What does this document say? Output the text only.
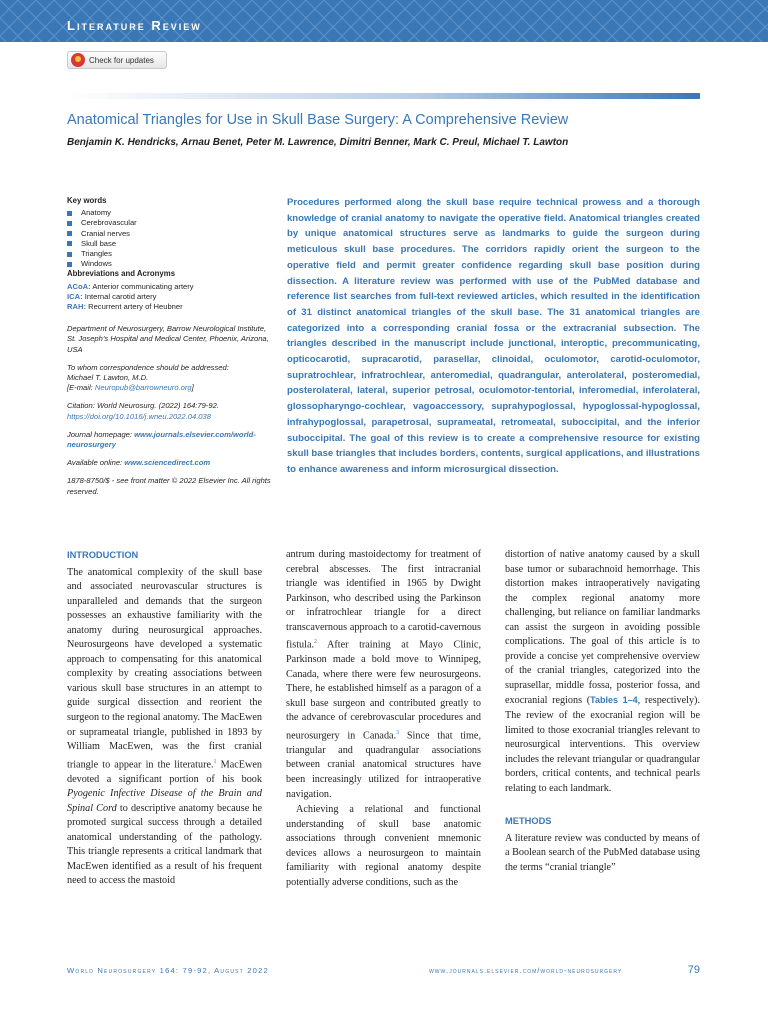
Literature Review
Check for updates
Anatomical Triangles for Use in Skull Base Surgery: A Comprehensive Review
Benjamin K. Hendricks, Arnau Benet, Peter M. Lawrence, Dimitri Benner, Mark C. Preul, Michael T. Lawton
Key words
Anatomy
Cerebrovascular
Cranial nerves
Skull base
Triangles
Windows
Abbreviations and Acronyms
ACoA: Anterior communicating artery
ICA: Internal carotid artery
RAH: Recurrent artery of Heubner

Department of Neurosurgery, Barrow Neurological Institute, St. Joseph’s Hospital and Medical Center, Phoenix, Arizona, USA

To whom correspondence should be addressed:

Michael T. Lawton, M.D.

[E-mail: Neuropub@barrowneuro.org]

Citation: World Neurosurg. (2022) 164:79-92.

https://doi.org/10.1016/j.wneu.2022.04.038

Journal homepage: www.journals.elsevier.com/world-neurosurgery

Available online: www.sciencedirect.com

1878-8750/$ - see front matter © 2022 Elsevier Inc. All rights reserved.

Procedures performed along the skull base require technical prowess and a thorough knowledge of cranial anatomy to navigate the operative field. Anatomical triangles created by unique anatomical structures serve as landmarks to guide the surgeon during meticulous skull base procedures. The corridors rapidly orient the surgeon to the operative field and permit greater confidence regarding skull base position during dissection. A literature review was performed with use of the PubMed database and reference list searches from full-text reviewed articles, which resulted in the identification of 31 distinct anatomical triangles of the skull base. The 31 anatomical triangles are categorized into a corresponding cranial fossa or the extracranial subsection. The triangles described in the manuscript include junctional, interoptic, precommunicating, opticocarotid, supracarotid, parasellar, clinoidal, oculomotor, carotid-oculomotor, supratrochlear, infratrochlear, anteromedial, quadrangular, anterolateral, posteromedial, posterolateral, lateral, superior petrosal, oculomotor-tentorial, inferomedial, inferolateral, glossopharyngo-cochlear, vagoaccessory, suprahypoglossal, hypoglossal-hypoglossal, infrahypoglossal, parapetrosal, suprameatal, retromeatal, suboccipital, and the inferior suboccipital. The goal of this review is to create a comprehensive resource for existing skull base triangles that includes borders, contents, surgical applications, and illustrations to enhance awareness and inform microsurgical dissection.
INTRODUCTION

The anatomical complexity of the skull base and associated neurovascular structures is unparalleled and demands that the surgeon possesses an exhaustive familiarity with the anatomy during neurosurgical approaches. Neurosurgeons have developed a systematic approach to compensating for this anatomical complexity by creating associations between various skull base structures in an attempt to guide surgical dissection and reorient the surgeon to the regional anatomy. The MacEwen or suprameatal triangle, published in 1893 by William MacEwen, was the first cranial triangle to appear in the literature.$^1$ MacEwen devoted a significant portion of his book Pyogenic Infective Disease of the Brain and Spinal Cord to descriptive anatomy because he promoted surgical success through a detailed anatomical understanding of the pathology. This triangle represents a critical landmark that MacEwen identified as a result of his frequent need to access the mastoid

antrum during mastoidectomy for treatment of cerebral abscesses. The first intracranial triangle was identified in 1965 by Dwight Parkinson, who described using the Parkinson or infratrochlear triangle for a direct transcavernous approach to a carotid-cavernous fistula.$^2$ After training at Mayo Clinic, Parkinson made a bold move to Winnipeg, Canada, where there were few neurosurgeons. There, he established himself as a paragon of a skull base surgeon and contributed greatly to the advance of cerebrovascular procedures and neurosurgery in Canada.$^3$ Since that time, triangular and quadrangular associations between cranial anatomical structures have been increasingly utilized for intraoperative navigation.

Achieving a relational and functional understanding of skull base anatomic associations through convenient mnemonic devices allows a neurosurgeon to maintain familiarity with regional anatomy despite potentially adverse conditions, such as the

distortion of native anatomy caused by a skull base tumor or subarachnoid hemorrhage. This distortion makes intraoperatively navigating the complex regional anatomy more challenging, but reliance on familiar landmarks can assist the surgeon in avoiding possible complications. The goal of this article is to provide a concise yet comprehensive overview of the cranial triangles, categorized into the suprasellar, middle fossa, posterior fossa, and exocranial regions (Tables 1–4, respectively). The review of the exocranial region will be limited to those exocranial triangles relevant to neurosurgical interventions. This overview includes the relevant triangular or quadrangular borders, critical contents, and technical pearls relating to each landmark.

METHODS

A literature review was conducted by means of a Boolean search of the PubMed database using the terms “cranial triangle”

World Neurosurgery 164: 79-92, August 2022	www.journals.elsevier.com/world-neurosurgery	79
